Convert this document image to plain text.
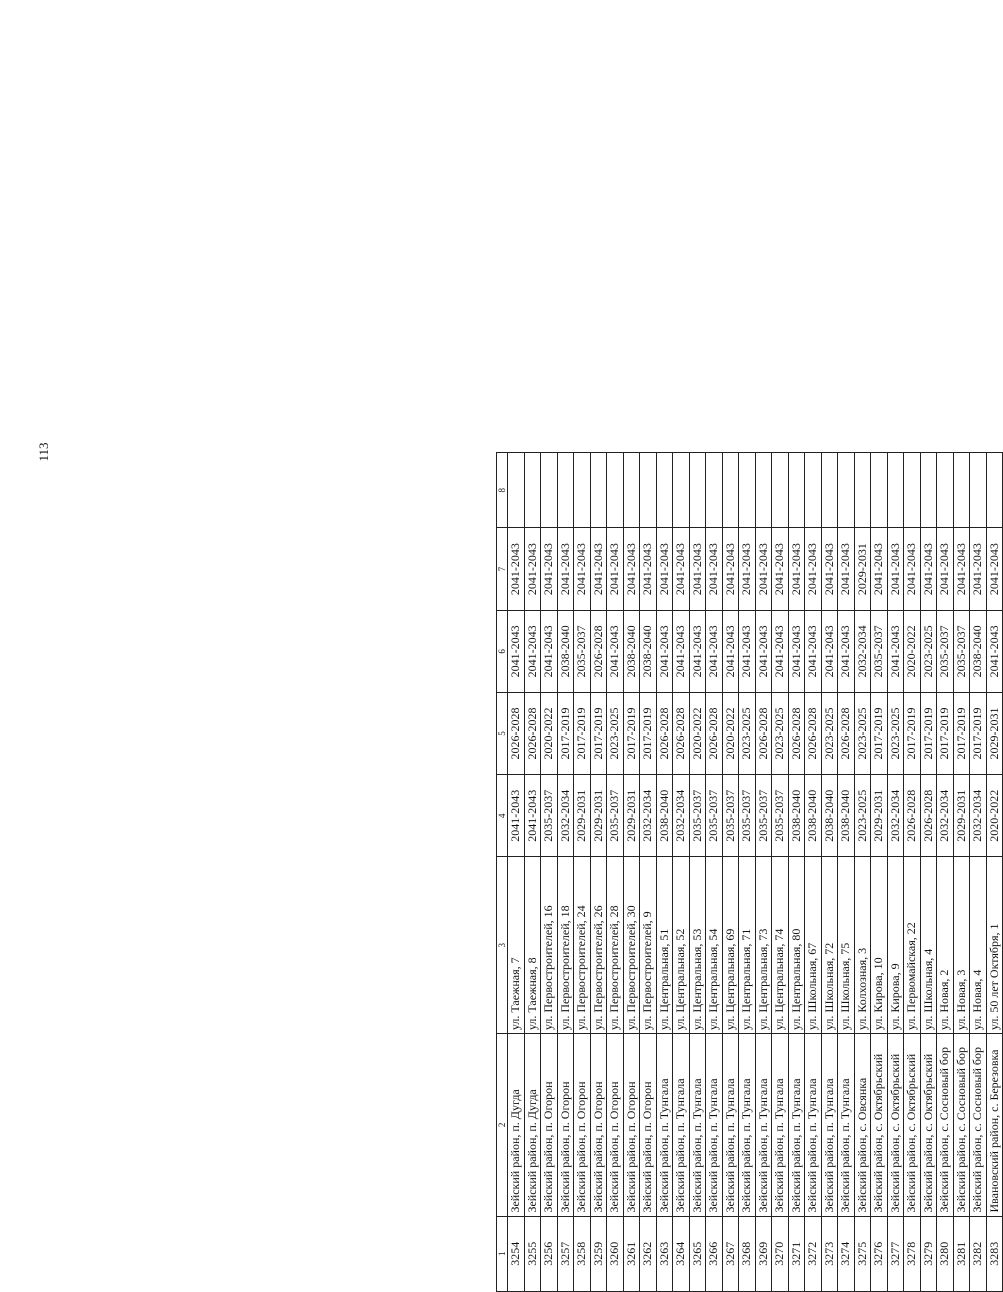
113
1	2	3	4	5	6	7	8
3254	Зейский район, п. Дугда	ул. Таежная, 7	2041-2043	2026-2028	2041-2043	2041-2043	
3255	Зейский район, п. Дугда	ул. Таежная, 8	2041-2043	2026-2028	2041-2043	2041-2043	
3256	Зейский район, п. Огорон	ул. Первостроителей, 16	2035-2037	2020-2022	2041-2043	2041-2043	
3257	Зейский район, п. Огорон	ул. Первостроителей, 18	2032-2034	2017-2019	2038-2040	2041-2043	
3258	Зейский район, п. Огорон	ул. Первостроителей, 24	2029-2031	2017-2019	2035-2037	2041-2043	
3259	Зейский район, п. Огорон	ул. Первостроителей, 26	2029-2031	2017-2019	2026-2028	2041-2043	
3260	Зейский район, п. Огорон	ул. Первостроителей, 28	2035-2037	2023-2025	2041-2043	2041-2043	
3261	Зейский район, п. Огорон	ул. Первостроителей, 30	2029-2031	2017-2019	2038-2040	2041-2043	
3262	Зейский район, п. Огорон	ул. Первостроителей, 9	2032-2034	2017-2019	2038-2040	2041-2043	
3263	Зейский район, п. Тунгала	ул. Центральная, 51	2038-2040	2026-2028	2041-2043	2041-2043	
3264	Зейский район, п. Тунгала	ул. Центральная, 52	2032-2034	2026-2028	2041-2043	2041-2043	
3265	Зейский район, п. Тунгала	ул. Центральная, 53	2035-2037	2020-2022	2041-2043	2041-2043	
3266	Зейский район, п. Тунгала	ул. Центральная, 54	2035-2037	2026-2028	2041-2043	2041-2043	
3267	Зейский район, п. Тунгала	ул. Центральная, 69	2035-2037	2020-2022	2041-2043	2041-2043	
3268	Зейский район, п. Тунгала	ул. Центральная, 71	2035-2037	2023-2025	2041-2043	2041-2043	
3269	Зейский район, п. Тунгала	ул. Центральная, 73	2035-2037	2026-2028	2041-2043	2041-2043	
3270	Зейский район, п. Тунгала	ул. Центральная, 74	2035-2037	2023-2025	2041-2043	2041-2043	
3271	Зейский район, п. Тунгала	ул. Центральная, 80	2038-2040	2026-2028	2041-2043	2041-2043	
3272	Зейский район, п. Тунгала	ул. Школьная, 67	2038-2040	2026-2028	2041-2043	2041-2043	
3273	Зейский район, п. Тунгала	ул. Школьная, 72	2038-2040	2023-2025	2041-2043	2041-2043	
3274	Зейский район, п. Тунгала	ул. Школьная, 75	2038-2040	2026-2028	2041-2043	2041-2043	
3275	Зейский район, с. Овсянка	ул. Колхозная, 3	2023-2025	2023-2025	2032-2034	2029-2031	
3276	Зейский район, с. Октябрьский	ул. Кирова, 10	2029-2031	2017-2019	2035-2037	2041-2043	
3277	Зейский район, с. Октябрьский	ул. Кирова, 9	2032-2034	2023-2025	2041-2043	2041-2043	
3278	Зейский район, с. Октябрьский	ул. Первомайская, 22	2026-2028	2017-2019	2020-2022	2041-2043	
3279	Зейский район, с. Октябрьский	ул. Школьная, 4	2026-2028	2017-2019	2023-2025	2041-2043	
3280	Зейский район, с. Сосновый бор	ул. Новая, 2	2032-2034	2017-2019	2035-2037	2041-2043	
3281	Зейский район, с. Сосновый бор	ул. Новая, 3	2029-2031	2017-2019	2035-2037	2041-2043	
3282	Зейский район, с. Сосновый бор	ул. Новая, 4	2032-2034	2017-2019	2038-2040	2041-2043	
3283	Ивановский район, с. Березовка	ул. 50 лет Октября, 1	2020-2022	2029-2031	2041-2043	2041-2043	
